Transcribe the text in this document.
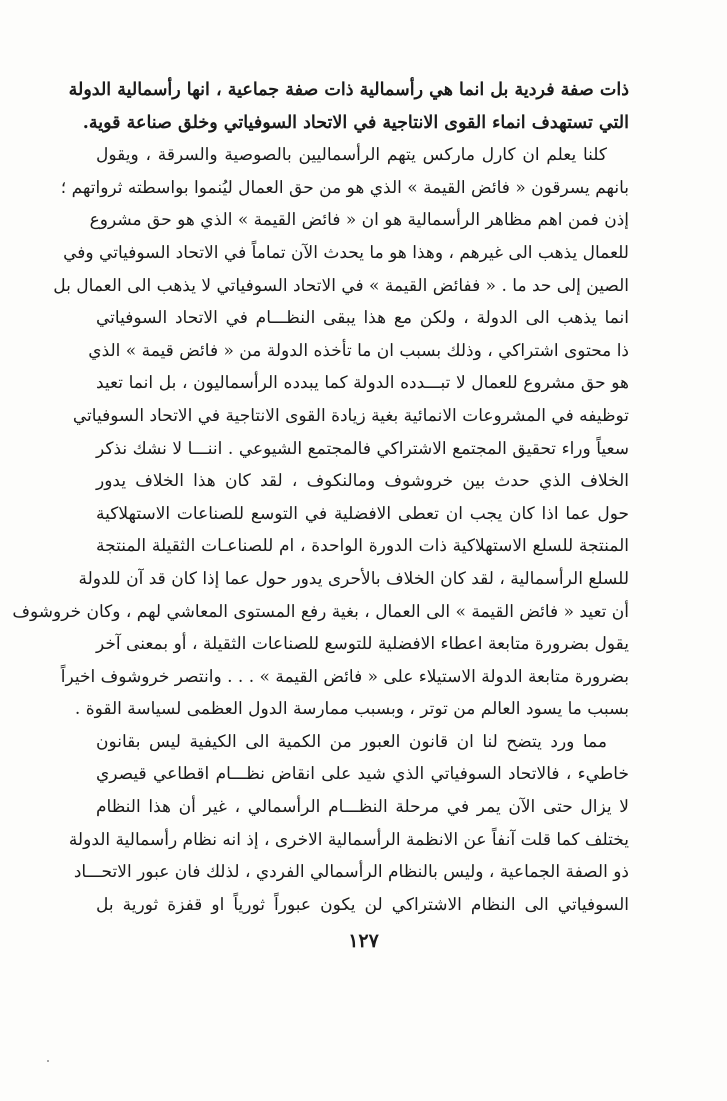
ذات صفة فردية بل انما هي رأسمالية ذات صفة جماعية ، انها رأسمالية الدولة
التي تستهدف انماء القوى الانتاجية في الاتحاد السوفياتي وخلق صناعة قوية.
كلنا يعلم ان كارل ماركس يتهم الرأسماليين بالصوصية والسرقة ، ويقول
بانهم يسرقون « فائض القيمة » الذي هو من حق العمال ليُنموا بواسطته ثرواتهم ؛
إذن فمن اهم مظاهر الرأسمالية هو ان « فائض القيمة » الذي هو حق مشروع
للعمال يذهب الى غيرهم ، وهذا هو ما يحدث الآن تماماً في الاتحاد السوفياتي وفي
الصين إلى حد ما . « ففائض القيمة » في الاتحاد السوفياتي لا يذهب الى العمال بل
انما يذهب الى الدولة ، ولكن مع هذا يبقى النظـــام في الاتحاد السوفياتي
ذا محتوى اشتراكي ، وذلك بسبب ان ما تأخذه الدولة من « فائض قيمة » الذي
هو حق مشروع للعمال لا تبـــدده الدولة كما يبدده الرأسماليون ، بل انما تعيد
توظيفه في المشروعات الانمائية بغية زيادة القوى الانتاجية في الاتحاد السوفياتي
سعياً وراء تحقيق المجتمع الاشتراكي فالمجتمع الشيوعي . اننـــا لا نشك نذكر
الخلاف الذي حدث بين خروشوف ومالنكوف ، لقد كان هذا الخلاف يدور
حول عما اذا كان يجب ان تعطى الافضلية في التوسع للصناعات الاستهلاكية
المنتجة للسلع الاستهلاكية ذات الدورة الواحدة ، ام للصناعـات الثقيلة المنتجة
للسلع الرأسمالية ، لقد كان الخلاف بالأحرى يدور حول عما إذا كان قد آن للدولة
أن تعيد « فائض القيمة » الى العمال ، بغية رفع المستوى المعاشي لهم ، وكان خروشوف
يقول بضرورة متابعة اعطاء الافضلية للتوسع للصناعات الثقيلة ، أو بمعنى آخر
بضرورة متابعة الدولة الاستيلاء على « فائض القيمة » . . . وانتصر خروشوف اخيراً
بسبب ما يسود العالم من توتر ، وبسبب ممارسة الدول العظمى لسياسة القوة .
مما ورد يتضح لنا ان قانون العبور من الكمية الى الكيفية ليس بقانون
خاطيء ، فالاتحاد السوفياتي الذي شيد على انقاض نظـــام اقطاعي قيصري
لا يزال حتى الآن يمر في مرحلة النظـــام الرأسمالي ، غير أن هذا النظام
يختلف كما قلت آنفاً عن الانظمة الرأسمالية الاخرى ، إذ انه نظام رأسمالية الدولة
ذو الصفة الجماعية ، وليس بالنظام الرأسمالي الفردي ، لذلك فان عبور الاتحـــاد
السوفياتي الى النظام الاشتراكي لن يكون عبوراً ثورياً او قفزة ثورية بل
١٢٧
